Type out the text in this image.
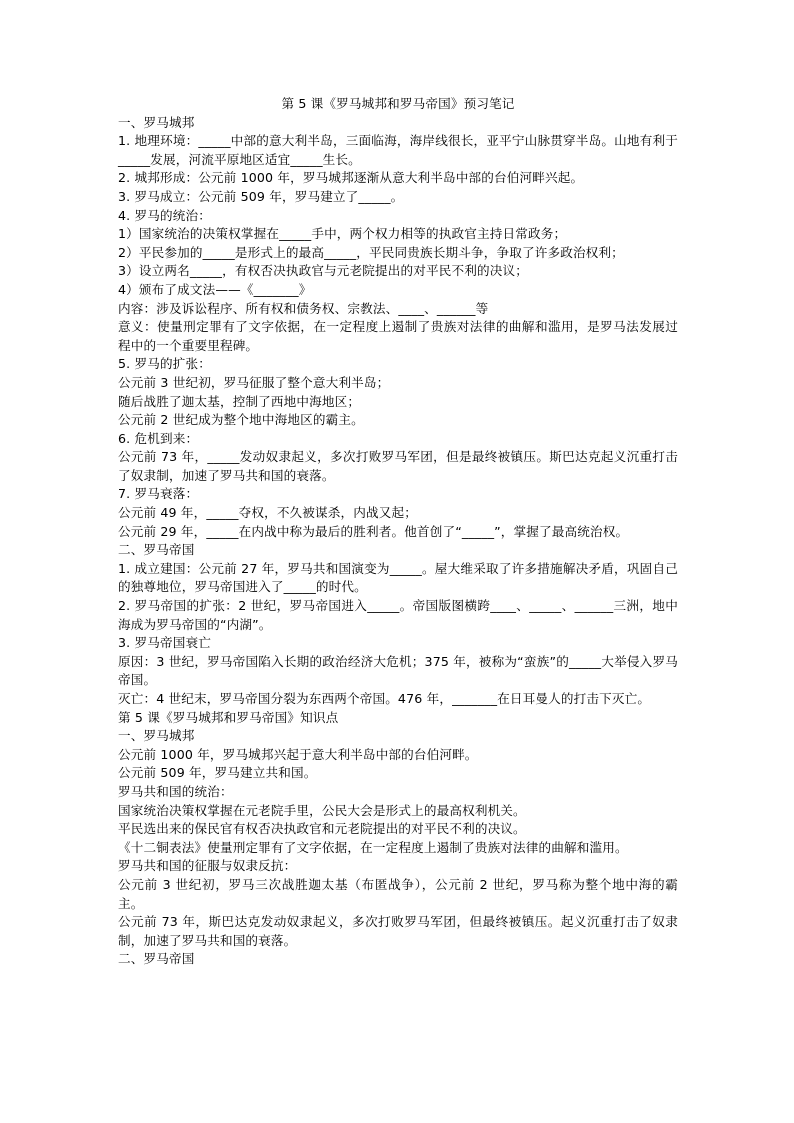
第 5 课《罗马城邦和罗马帝国》预习笔记

一、罗马城邦

1. 地理环境：_____中部的意大利半岛，三面临海，海岸线很长，亚平宁山脉贯穿半岛。山地有利于_____发展，河流平原地区适宜_____生长。

2. 城邦形成：公元前 1000 年，罗马城邦逐渐从意大利半岛中部的台伯河畔兴起。

3. 罗马成立：公元前 509 年，罗马建立了_____。

4. 罗马的统治：

1）国家统治的决策权掌握在_____手中，两个权力相等的执政官主持日常政务；

2）平民参加的_____是形式上的最高_____，平民同贵族长期斗争，争取了许多政治权利；

3）设立两名_____，有权否决执政官与元老院提出的对平民不利的决议；

4）颁布了成文法——《_______》

内容：涉及诉讼程序、所有权和债务权、宗教法、____、______等

意义：使量刑定罪有了文字依据，在一定程度上遏制了贵族对法律的曲解和滥用，是罗马法发展过程中的一个重要里程碑。

5. 罗马的扩张：

公元前 3 世纪初，罗马征服了整个意大利半岛；

随后战胜了迦太基，控制了西地中海地区；

公元前 2 世纪成为整个地中海地区的霸主。

6. 危机到来：

公元前 73 年，_____发动奴隶起义，多次打败罗马军团，但是最终被镇压。斯巴达克起义沉重打击了奴隶制，加速了罗马共和国的衰落。

7. 罗马衰落：

公元前 49 年，_____夺权，不久被谋杀，内战又起；

公元前 29 年，_____在内战中称为最后的胜利者。他首创了“_____”，掌握了最高统治权。

二、罗马帝国

1. 成立建国：公元前 27 年，罗马共和国演变为_____。屋大维采取了许多措施解决矛盾，巩固自己的独尊地位，罗马帝国进入了_____的时代。

2. 罗马帝国的扩张：2 世纪，罗马帝国进入_____。帝国版图横跨____、_____、______三洲，地中海成为罗马帝国的“内湖”。

3. 罗马帝国衰亡

原因：3 世纪，罗马帝国陷入长期的政治经济大危机；375 年，被称为“蛮族”的_____大举侵入罗马帝国。

灭亡：4 世纪末，罗马帝国分裂为东西两个帝国。476 年，_______在日耳曼人的打击下灭亡。

第 5 课《罗马城邦和罗马帝国》知识点

一、罗马城邦

公元前 1000 年，罗马城邦兴起于意大利半岛中部的台伯河畔。

公元前 509 年，罗马建立共和国。

罗马共和国的统治：

国家统治决策权掌握在元老院手里，公民大会是形式上的最高权利机关。

平民选出来的保民官有权否决执政官和元老院提出的对平民不利的决议。

《十二铜表法》使量刑定罪有了文字依据，在一定程度上遏制了贵族对法律的曲解和滥用。

罗马共和国的征服与奴隶反抗：

公元前 3 世纪初，罗马三次战胜迦太基（布匿战争），公元前 2 世纪，罗马称为整个地中海的霸主。

公元前 73 年，斯巴达克发动奴隶起义，多次打败罗马军团，但最终被镇压。起义沉重打击了奴隶制，加速了罗马共和国的衰落。

二、罗马帝国
